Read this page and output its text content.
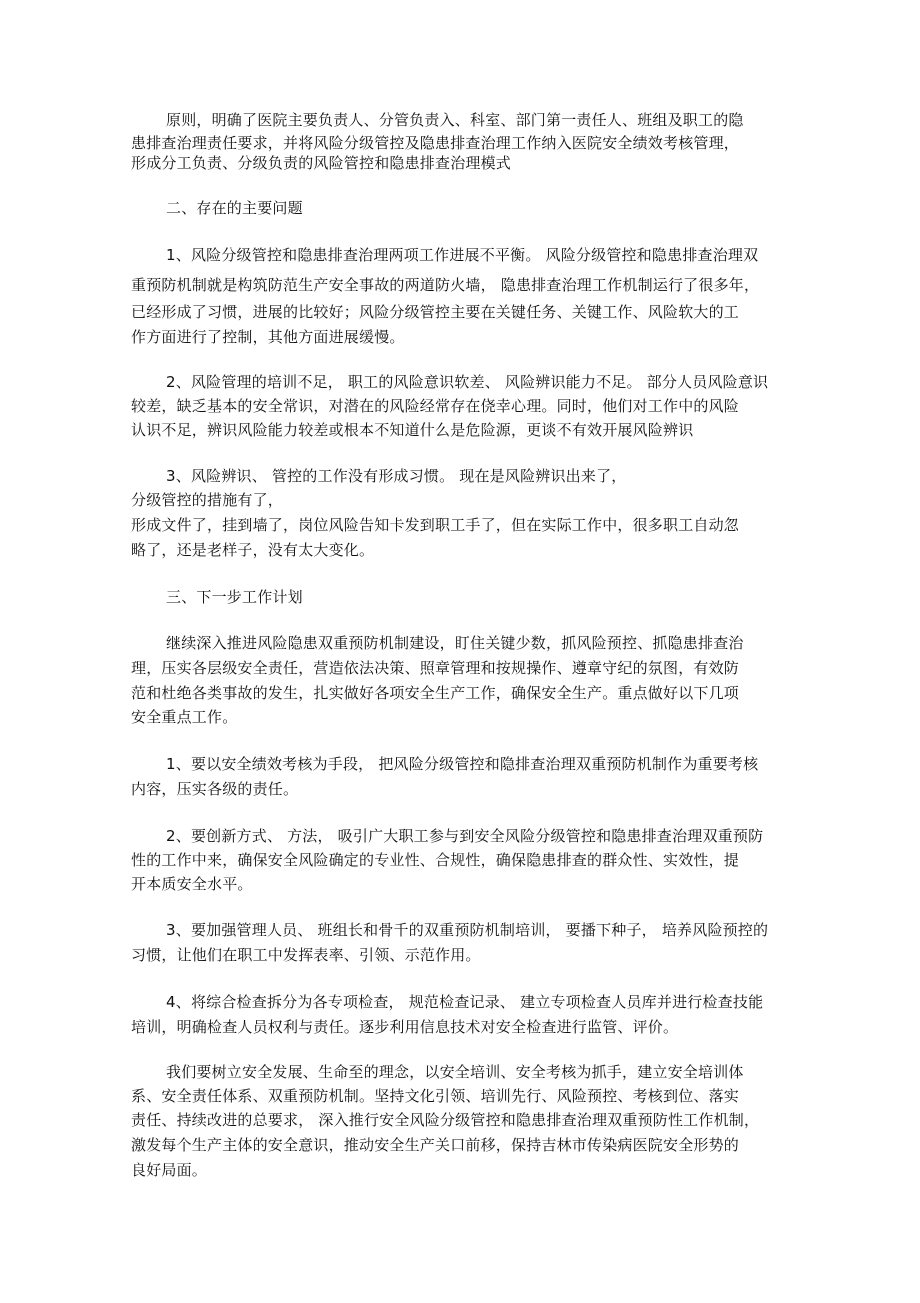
原则，明确了医院主要负责人、分管负责入、科室、部门第一责任人、班组及职工的隐
患排查治理责任要求，并将风险分级管控及隐患排查治理工作纳入医院安全绩效考核管理，
形成分工负责、分级负责的风险管控和隐患排查治理模式
二、存在的主要问题
1、风险分级管控和隐患排查治理两项工作进展不平衡。 风险分级管控和隐患排查治理双
重预防机制就是构筑防范生产安全事故的两道防火墙， 隐患排查治理工作机制运行了很多年，
已经形成了习惯，进展的比较好；风险分级管控主要在关键任务、关键工作、风险软大的工
作方面进行了控制，其他方面进展缓慢。
2、风险管理的培训不足， 职工的风险意识软差、 风险辨识能力不足。 部分人员风险意识
较差，缺乏基本的安全常识，对潜在的风险经常存在侥幸心理。同时，他们对工作中的风险
认识不足，辨识风险能力较差或根本不知道什么是危险源，更谈不有效开展风险辨识
3、风险辨识、 管控的工作没有形成习惯。 现在是风险辨识出来了，
分级管控的措施有了，
形成文件了，挂到墙了，岗位风险告知卡发到职工手了，但在实际工作中，很多职工自动忽
略了，还是老样子，没有太大变化。
三、下一步工作计划
继续深入推进风险隐患双重预防机制建设，盯住关键少数，抓风险预控、抓隐患排查治
理，压实各层级安全责任，营造依法决策、照章管理和按规操作、遵章守纪的氛图，有效防
范和杜绝各类事故的发生，扎实做好各项安全生产工作，确保安全生产。重点做好以下几项
安全重点工作。
1、要以安全绩效考核为手段， 把风险分级管控和隐排查治理双重预防机制作为重要考核
内容，压实各级的责任。
2、要创新方式、 方法， 吸引广大职工参与到安全风险分级管控和隐患排查治理双重预防
性的工作中来，确保安全风险确定的专业性、合规性，确保隐患排查的群众性、实效性，提
开本质安全水平。
3、要加强管理人员、 班组长和骨千的双重预防机制培训， 要播下种子， 培养风险预控的
习惯，让他们在职工中发挥表率、引领、示范作用。
4、将综合检查拆分为各专项检查， 规范检查记录、 建立专项检查人员库并进行检查技能
培训，明确检查人员权利与责任。逐步利用信息技术对安全检查进行监管、评价。
我们要树立安全发展、生命至的理念，以安全培训、安全考核为抓手，建立安全培训体
系、安全责任体系、双重预防机制。坚持文化引领、培训先行、风险预控、考核到位、落实
责任、持续改进的总要求， 深入推行安全风险分级管控和隐患排查治理双重预防性工作机制，
激发每个生产主体的安全意识，推动安全生产关口前移，保持吉林市传染病医院安全形势的
良好局面。
